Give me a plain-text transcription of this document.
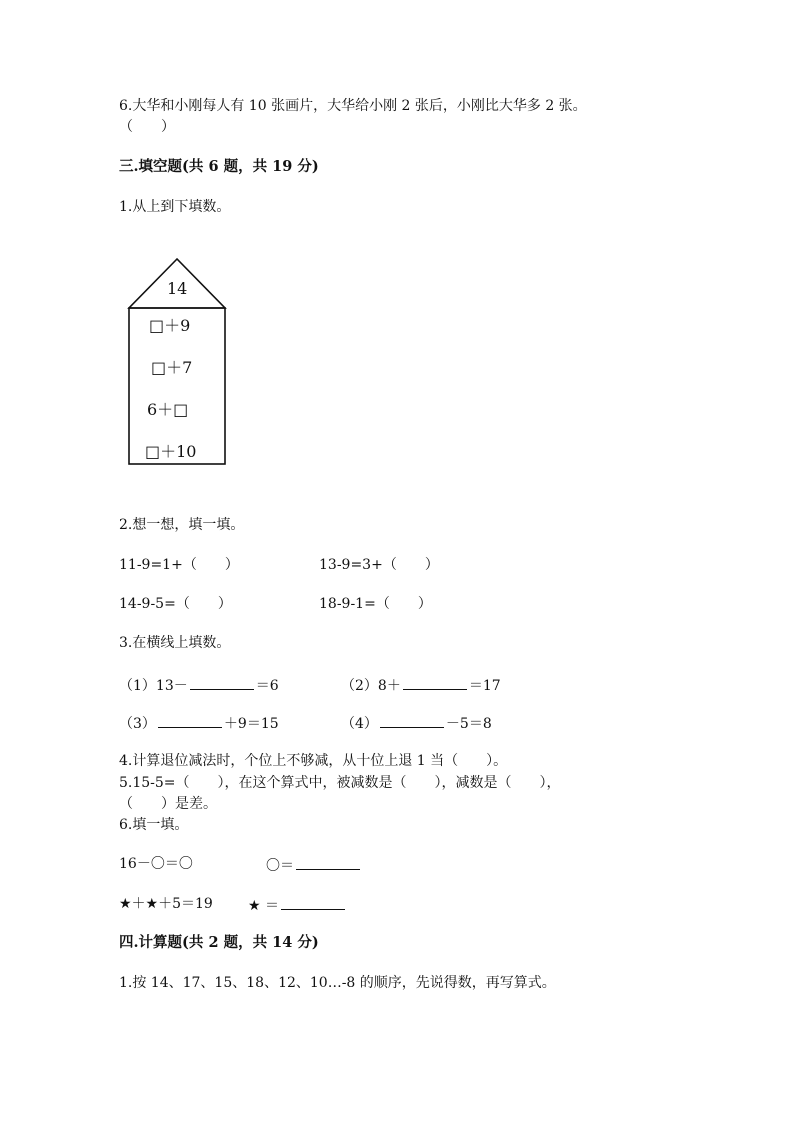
6.大华和小刚每人有 10 张画片，大华给小刚 2 张后，小刚比大华多 2 张。
（　　）
三.填空题(共 6 题，共 19 分)
1.从上到下填数。
14
□＋9
□＋7
6＋□
□＋10
2.想一想，填一填。
11-9=1+（　　）	13-9=3+（　　）
14-9-5=（　　）	18-9-1=（　　）
3.在横线上填数。
（1）13－	＝6	（2）8＋	＝17
（3）	＋9＝15	（4）	－5＝8
4.计算退位减法时，个位上不够减，从十位上退 1 当（　　）。
5.15-5=（　　），在这个算式中，被减数是（　　），减数是（　　），
（　　）是差。
6.填一填。
16－〇＝〇	〇＝
★＋★＋5＝19	★ ＝
四.计算题(共 2 题，共 14 分)
1.按 14、17、15、18、12、10…-8 的顺序，先说得数，再写算式。
